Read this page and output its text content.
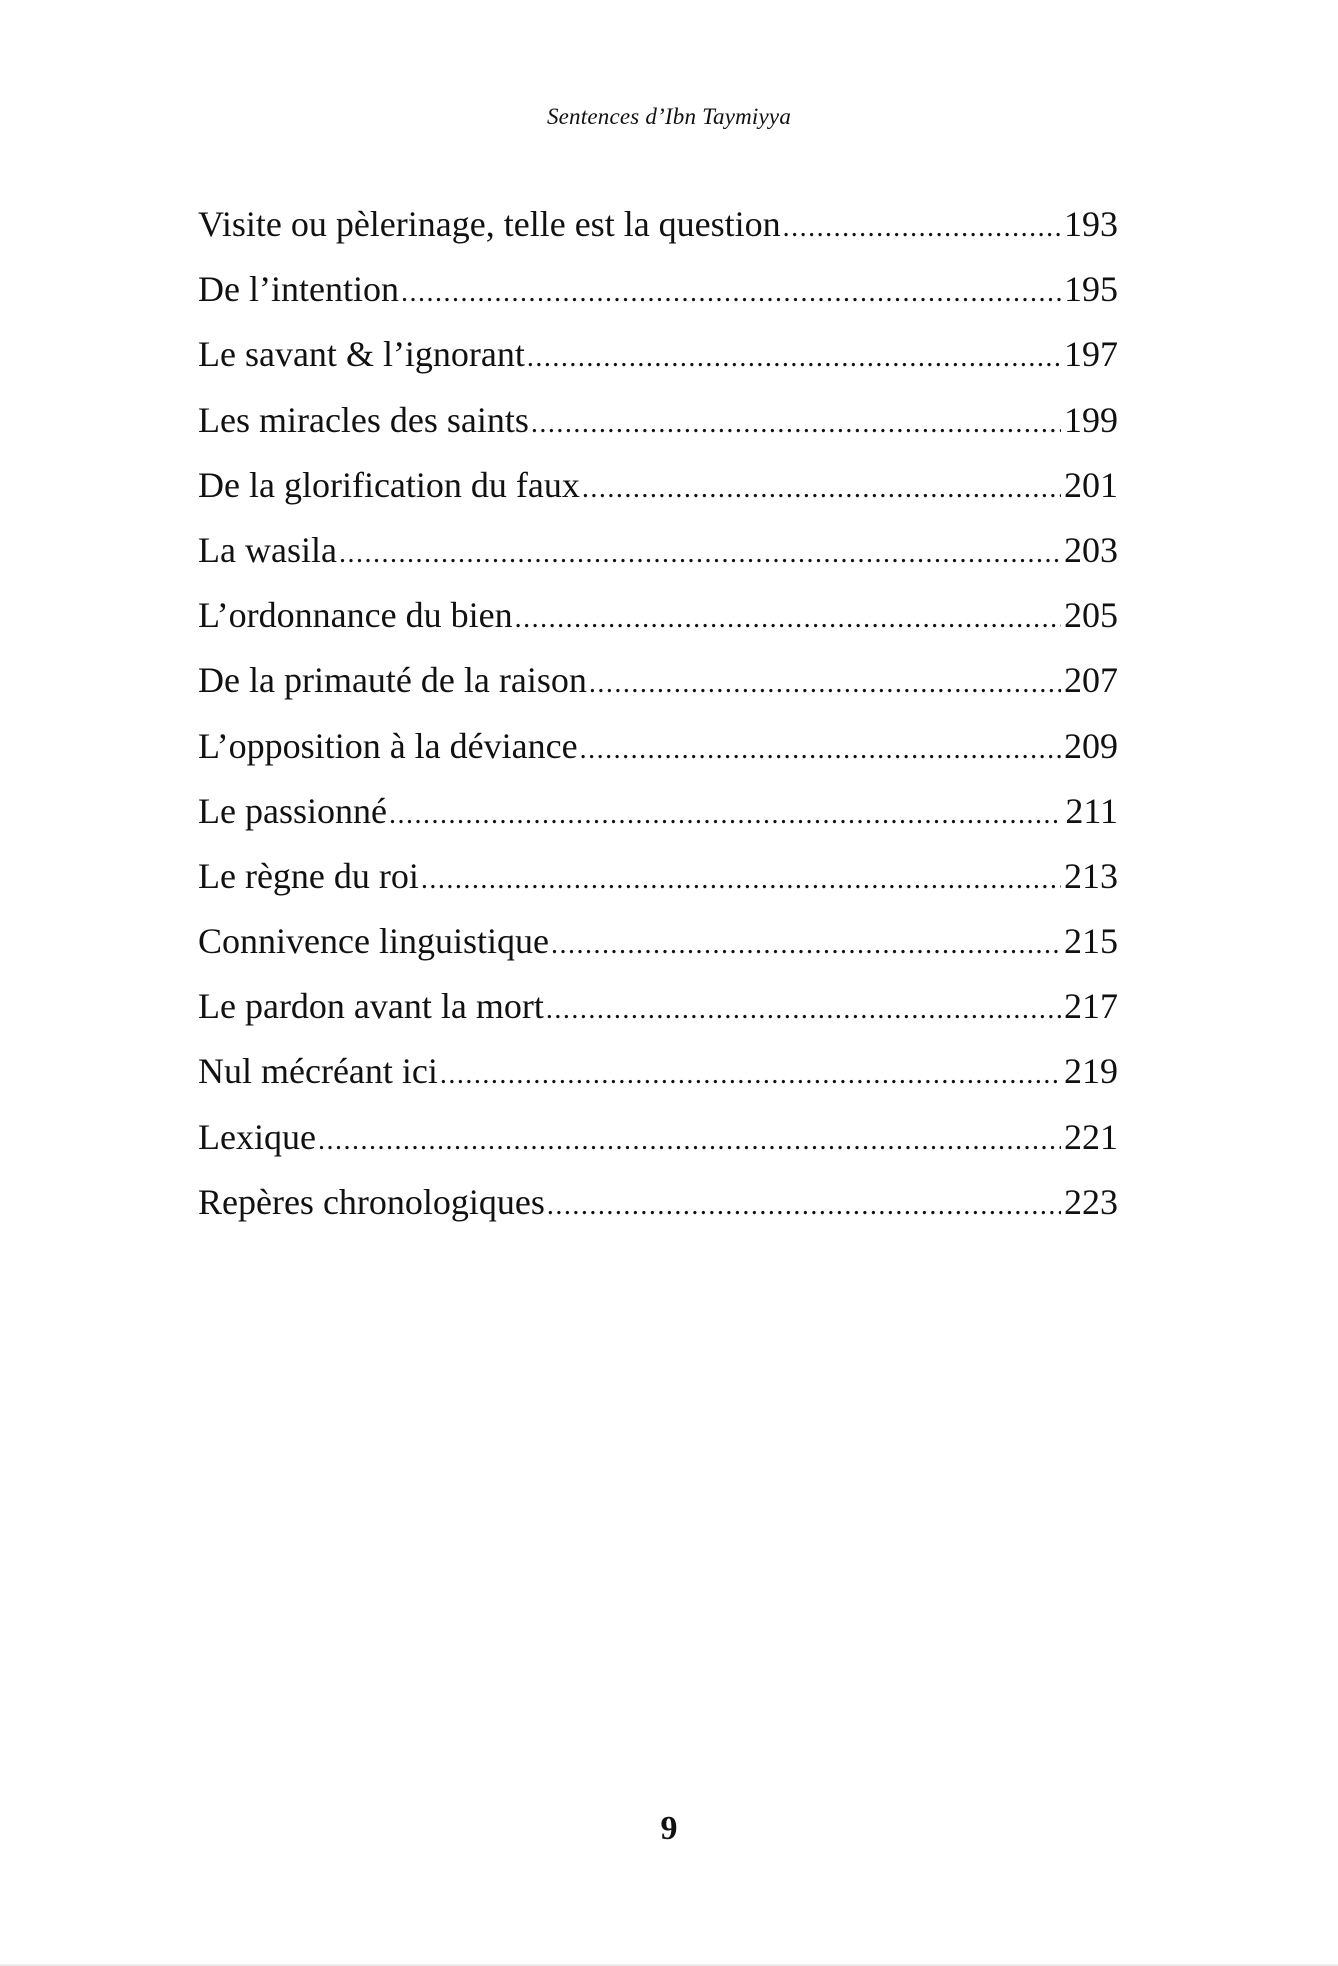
Sentences d’Ibn Taymiyya
Visite ou pèlerinage, telle est la question .....	193
De l’intention .....	195
Le savant & l’ignorant .....	197
Les miracles des saints .....	199
De la glorification du faux .....	201
La wasila .....	203
L’ordonnance du bien .....	205
De la primauté de la raison .....	207
L’opposition à la déviance .....	209
Le passionné .....	211
Le règne du roi .....	213
Connivence linguistique .....	215
Le pardon avant la mort .....	217
Nul mécréant ici .....	219
Lexique .....	221
Repères chronologiques .....	223
9
